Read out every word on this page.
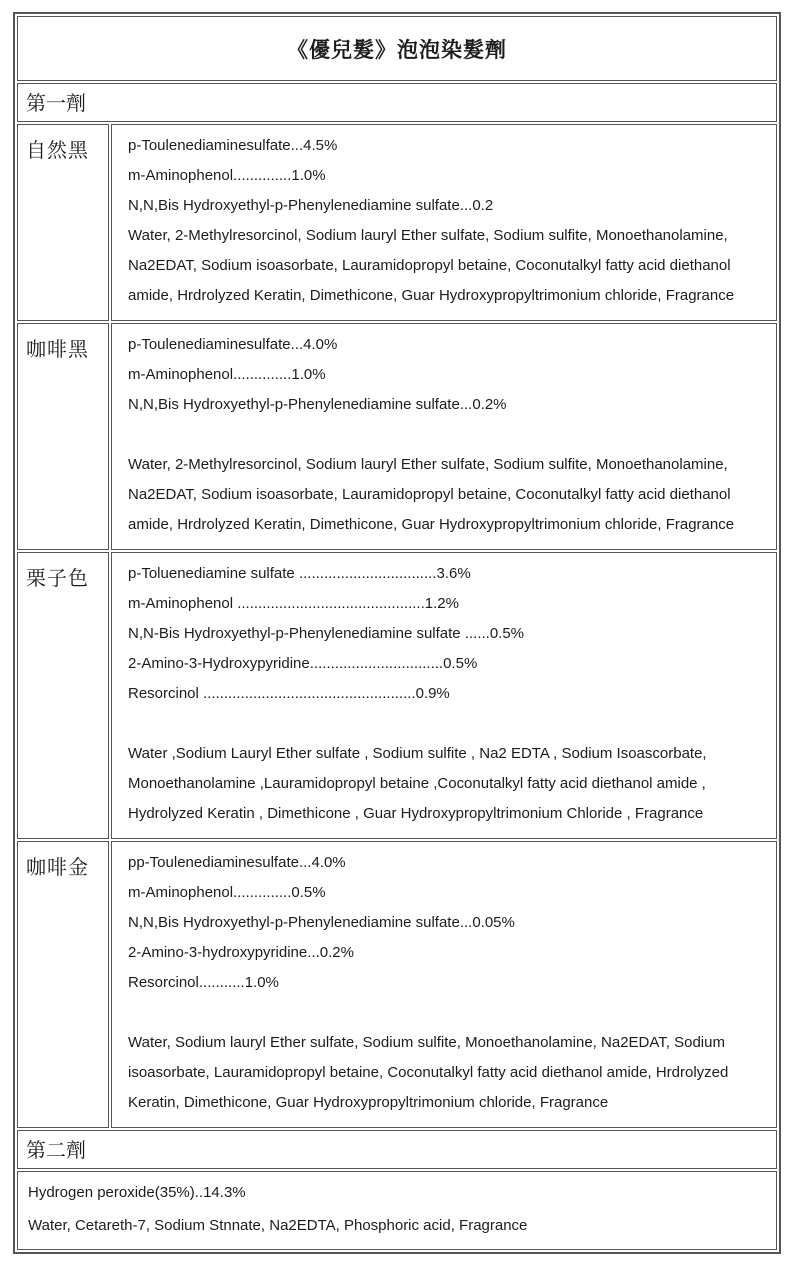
《優兒髮》泡泡染髮劑	
第一劑	
自然黑	p-Toulenediaminesulfate...4.5%
m-Aminophenol..............1.0%
N,N,Bis Hydroxyethyl-p-Phenylenediamine sulfate...0.2
Water, 2-Methylresorcinol, Sodium lauryl Ether sulfate, Sodium sulfite, Monoethanolamine,
Na2EDAT, Sodium isoasorbate, Lauramidopropyl betaine, Coconutalkyl fatty acid diethanol
amide, Hrdrolyzed Keratin, Dimethicone, Guar Hydroxypropyltrimonium chloride, Fragrance

咖啡黑	p-Toulenediaminesulfate...4.0%
m-Aminophenol..............1.0%
N,N,Bis Hydroxyethyl-p-Phenylenediamine sulfate...0.2%
Water, 2-Methylresorcinol, Sodium lauryl Ether sulfate, Sodium sulfite, Monoethanolamine,
Na2EDAT, Sodium isoasorbate, Lauramidopropyl betaine, Coconutalkyl fatty acid diethanol
amide, Hrdrolyzed Keratin, Dimethicone, Guar Hydroxypropyltrimonium chloride, Fragrance

栗子色	p-Toluenediamine sulfate .................................3.6%
m-Aminophenol .............................................1.2%
N,N-Bis Hydroxyethyl-p-Phenylenediamine sulfate ......0.5%
2-Amino-3-Hydroxypyridine................................0.5%
Resorcinol ...................................................0.9%
Water ,Sodium Lauryl Ether sulfate , Sodium sulfite , Na2 EDTA , Sodium Isoascorbate,
Monoethanolamine ,Lauramidopropyl betaine ,Coconutalkyl fatty acid diethanol amide ,
Hydrolyzed Keratin , Dimethicone , Guar Hydroxypropyltrimonium Chloride , Fragrance

咖啡金	pp-Toulenediaminesulfate...4.0%
m-Aminophenol..............0.5%
N,N,Bis Hydroxyethyl-p-Phenylenediamine sulfate...0.05%
2-Amino-3-hydroxypyridine...0.2%
Resorcinol...........1.0%
Water, Sodium lauryl Ether sulfate, Sodium sulfite, Monoethanolamine, Na2EDAT, Sodium
isoasorbate, Lauramidopropyl betaine, Coconutalkyl fatty acid diethanol amide, Hrdrolyzed
Keratin, Dimethicone, Guar Hydroxypropyltrimonium chloride, Fragrance

第二劑	

Hydrogen peroxide(35%)..14.3%
Water, Cetareth-7, Sodium Stnnate, Na2EDTA, Phosphoric acid, Fragrance	
